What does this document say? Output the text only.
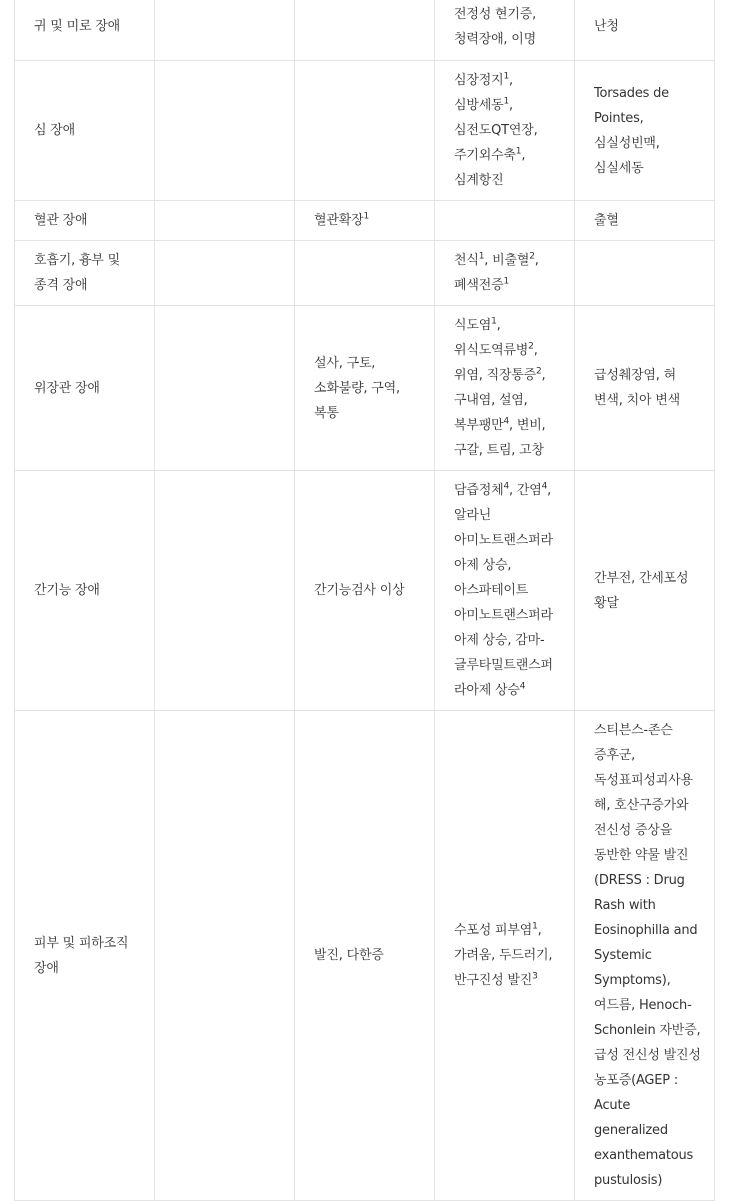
귀 및 미로 장애			전정성 현기증, 청력장애, 이명	난청
심 장애			심장정지$^1$, 심방세동$^1$, 심전도QT연장, 주기외수축$^1$, 심계항진	Torsades de Pointes, 심실성빈맥, 심실세동
혈관 장애		혈관확장$^1$		출혈
호흡기, 흉부 및 종격 장애			천식$^1$, 비출혈$^2$, 폐색전증$^1$	
위장관 장애		설사, 구토, 소화불량, 구역, 복통	식도염$^1$, 위식도역류병$^2$, 위염, 직장통증$^2$, 구내염, 설염, 복부팽만$^4$, 변비, 구갈, 트림, 고창	급성췌장염, 혀 변색, 치아 변색
간기능 장애		간기능검사 이상	담즙정체$^4$, 간염$^4$, 알라닌 아미노트랜스퍼라아제 상승, 아스파테이트 아미노트랜스퍼라아제 상승, 감마-글루타밀트랜스퍼라아제 상승$^4$	간부전, 간세포성 황달
피부 및 피하조직 장애		발진, 다한증	수포성 피부염$^1$, 가려움, 두드러기, 반구진성 발진$^3$	스티븐스-존슨 증후군, 독성표피성괴사용해, 호산구증가와 전신성 증상을 동반한 약물 발진(DRESS : Drug Rash with Eosinophilla and Systemic Symptoms), 여드름, Henoch-Schonlein 자반증, 급성 전신성 발진성 농포증(AGEP : Acute generalized exanthematous pustulosis)
